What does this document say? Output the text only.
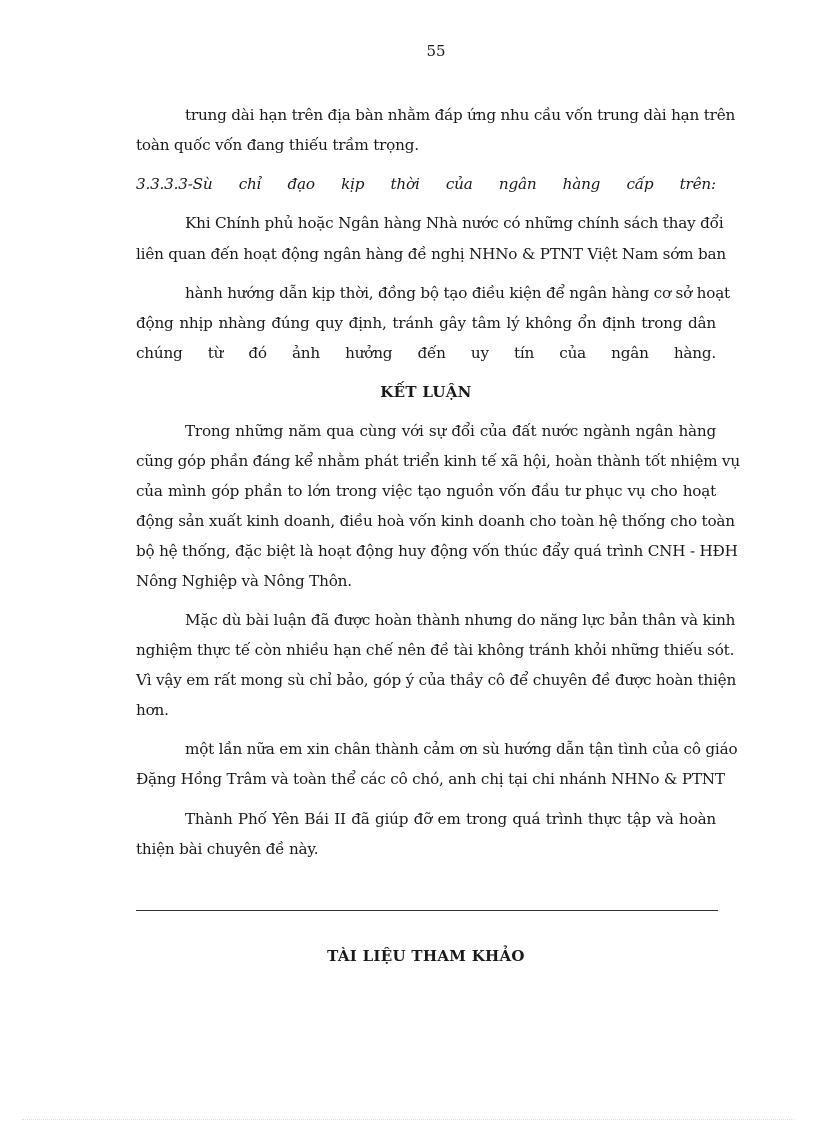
55
trung dài hạn trên địa bàn nhằm đáp ứng nhu cầu vốn trung dài hạn trên
toàn quốc vốn đang thiếu trầm trọng.
3.3.3.3-Sù chỉ đạo kịp thời của ngân hàng cấp trên:
Khi Chính phủ hoặc Ngân hàng Nhà nước có những chính sách thay đổi
liên quan đến hoạt động ngân hàng đề nghị NHNo & PTNT Việt Nam sớm ban
hành hướng dẫn kịp thời, đồng bộ tạo điều kiện để ngân hàng cơ sở hoạt
động nhịp nhàng đúng quy định, tránh gây tâm lý không ổn định trong dân
chúng từ đó ảnh hưởng đến uy tín của ngân hàng.
KẾT LUẬN
Trong những năm qua cùng với sự đổi của đất nước ngành ngân hàng
cũng góp phần đáng kể nhằm phát triển kinh tế xã hội, hoàn thành tốt nhiệm vụ
của mình góp phần to lớn trong việc tạo nguồn vốn đầu tư phục vụ cho hoạt
động sản xuất kinh doanh, điều hoà vốn kinh doanh cho toàn hệ thống cho toàn
bộ hệ thống, đặc biệt là hoạt động huy động vốn thúc đẩy quá trình CNH - HĐH
Nông Nghiệp và Nông Thôn.
Mặc dù bài luận đã được hoàn thành nhưng do năng lực bản thân và kinh
nghiệm thực tế còn nhiều hạn chế nên đề tài không tránh khỏi những thiếu sót.
Vì vậy em rất mong sù chỉ bảo, góp ý của thầy cô để chuyên đề được hoàn thiện
hơn.
một lần nữa em xin chân thành cảm ơn sù hướng dẫn tận tình của cô giáo
Đặng Hồng Trâm và toàn thể các cô chó, anh chị tại chi nhánh NHNo & PTNT
Thành Phố Yên Bái II đã giúp đỡ em trong quá trình thực tập và hoàn
thiện bài chuyên đề này.
TÀI LIỆU THAM KHẢO
